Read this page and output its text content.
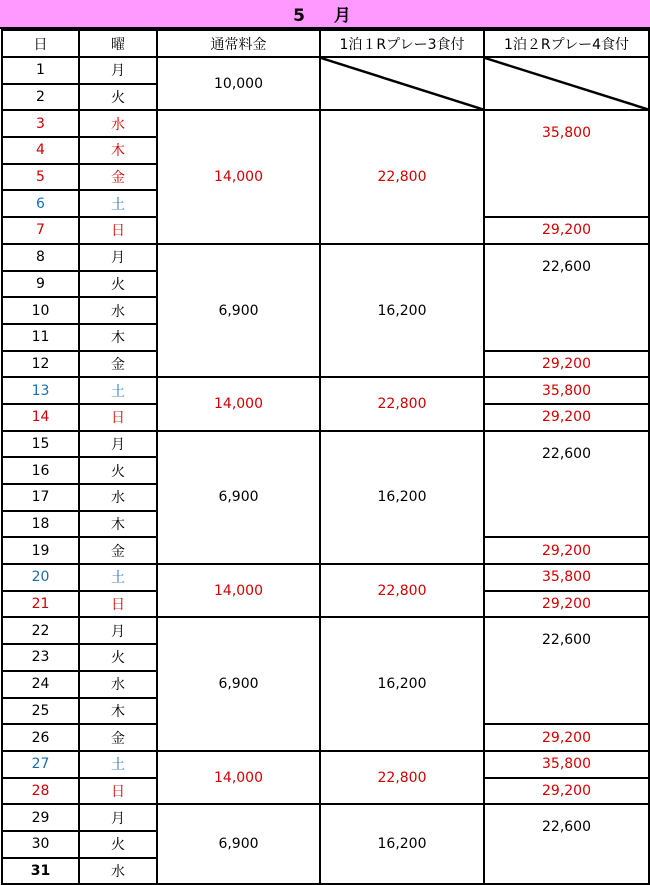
5　月
日	曜	通常料金	1泊１Rプレー3食付	1泊２Rプレー4食付
1	月	10,000	

2	火			
3	水	14,000	22,800	35,800
4	木			
5	金			
6	土			
7	日			29,200
8	月	6,900	16,200	22,600
9	火			
10	水			
11	木			
12	金			29,200
13	土	14,000	22,800	35,800
14	日			29,200
15	月	6,900	16,200	22,600
16	火			
17	水			
18	木			
19	金			29,200
20	土	14,000	22,800	35,800
21	日			29,200
22	月	6,900	16,200	22,600
23	火			
24	水			
25	木			
26	金			29,200
27	土	14,000	22,800	35,800
28	日			29,200
29	月	6,900	16,200	22,600
30	火			
31	水			
